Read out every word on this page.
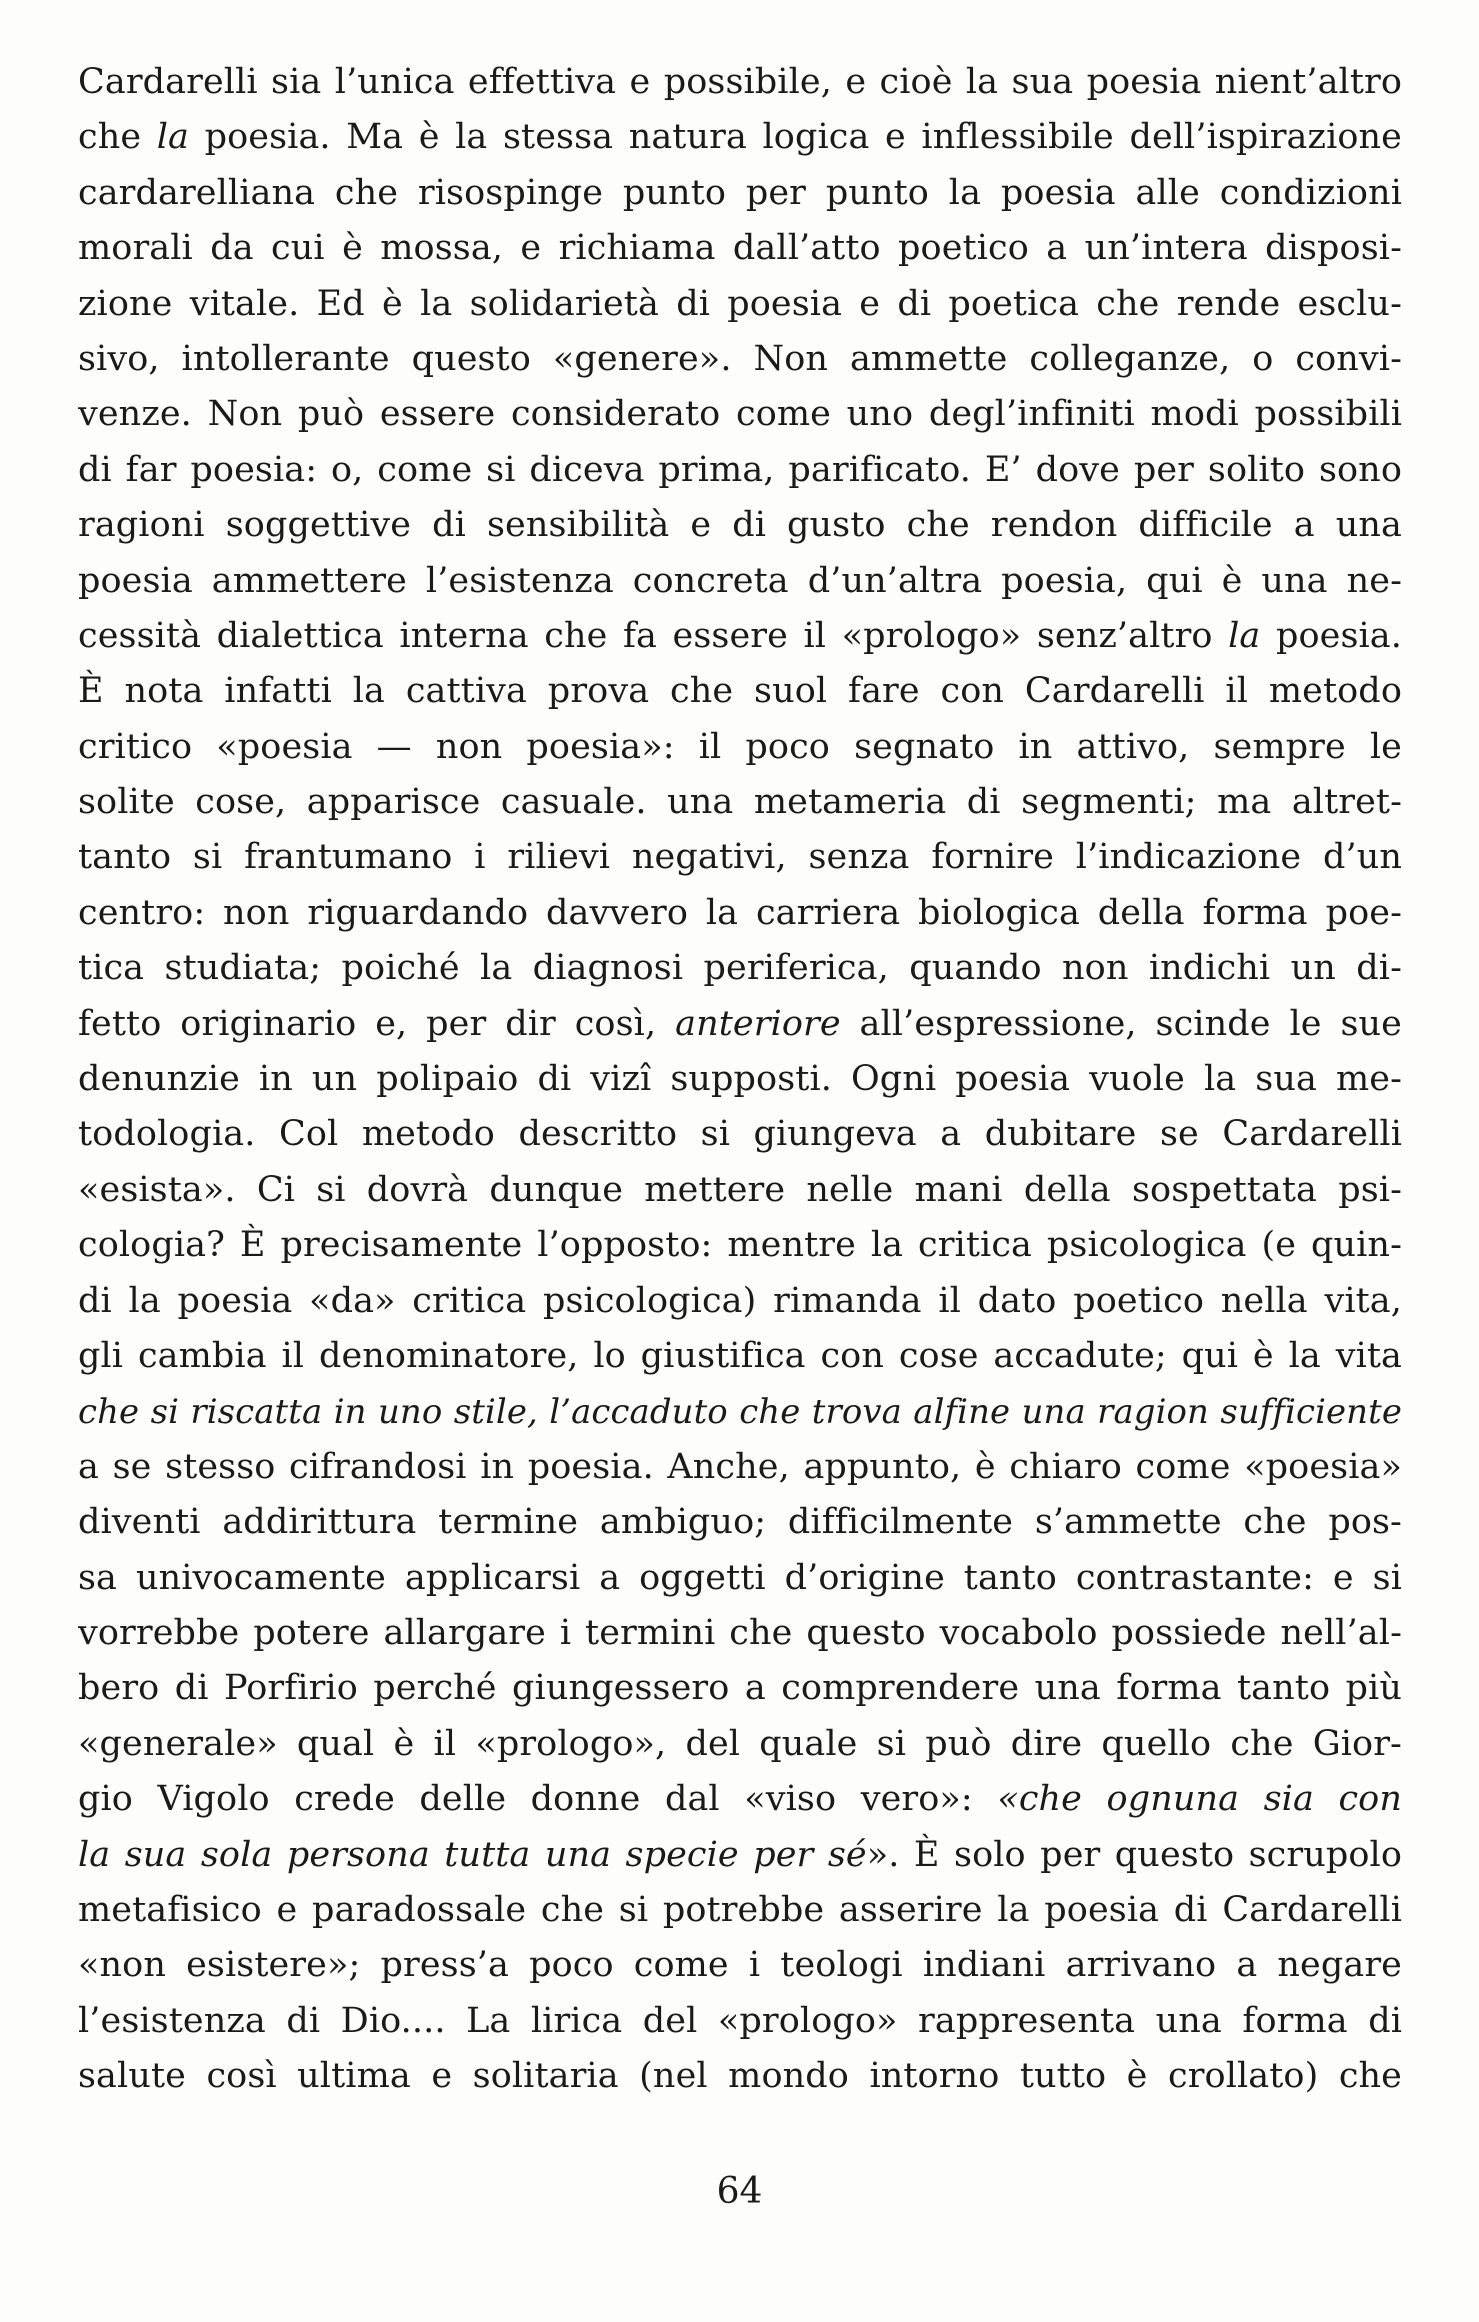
Cardarelli sia l’unica effettiva e possibile, e cioè la sua poesia nient’altro
che la poesia. Ma è la stessa natura logica e inflessibile dell’ispirazione
cardarelliana che risospinge punto per punto la poesia alle condizioni
morali da cui è mossa, e richiama dall’atto poetico a un’intera disposi-
zione vitale. Ed è la solidarietà di poesia e di poetica che rende esclu-
sivo, intollerante questo «genere». Non ammette colleganze, o convi-
venze. Non può essere considerato come uno degl’infiniti modi possibili
di far poesia: o, come si diceva prima, parificato. E’ dove per solito sono
ragioni soggettive di sensibilità e di gusto che rendon difficile a una
poesia ammettere l’esistenza concreta d’un’altra poesia, qui è una ne-
cessità dialettica interna che fa essere il «prologo» senz’altro la poesia.
È nota infatti la cattiva prova che suol fare con Cardarelli il metodo
critico «poesia — non poesia»: il poco segnato in attivo, sempre le
solite cose, apparisce casuale. una metameria di segmenti; ma altret-
tanto si frantumano i rilievi negativi, senza fornire l’indicazione d’un
centro: non riguardando davvero la carriera biologica della forma poe-
tica studiata; poiché la diagnosi periferica, quando non indichi un di-
fetto originario e, per dir così, anteriore all’espressione, scinde le sue
denunzie in un polipaio di vizî supposti. Ogni poesia vuole la sua me-
todologia. Col metodo descritto si giungeva a dubitare se Cardarelli
«esista». Ci si dovrà dunque mettere nelle mani della sospettata psi-
cologia? È precisamente l’opposto: mentre la critica psicologica (e quin-
di la poesia «da» critica psicologica) rimanda il dato poetico nella vita,
gli cambia il denominatore, lo giustifica con cose accadute; qui è la vita
che si riscatta in uno stile, l’accaduto che trova alfine una ragion sufficiente
a se stesso cifrandosi in poesia. Anche, appunto, è chiaro come «poesia»
diventi addirittura termine ambiguo; difficilmente s’ammette che pos-
sa univocamente applicarsi a oggetti d’origine tanto contrastante: e si
vorrebbe potere allargare i termini che questo vocabolo possiede nell’al-
bero di Porfirio perché giungessero a comprendere una forma tanto più
«generale» qual è il «prologo», del quale si può dire quello che Gior-
gio Vigolo crede delle donne dal «viso vero»: «che ognuna sia con
la sua sola persona tutta una specie per sé». È solo per questo scrupolo
metafisico e paradossale che si potrebbe asserire la poesia di Cardarelli
«non esistere»; press’a poco come i teologi indiani arrivano a negare
l’esistenza di Dio.... La lirica del «prologo» rappresenta una forma di
salute così ultima e solitaria (nel mondo intorno tutto è crollato) che
64
